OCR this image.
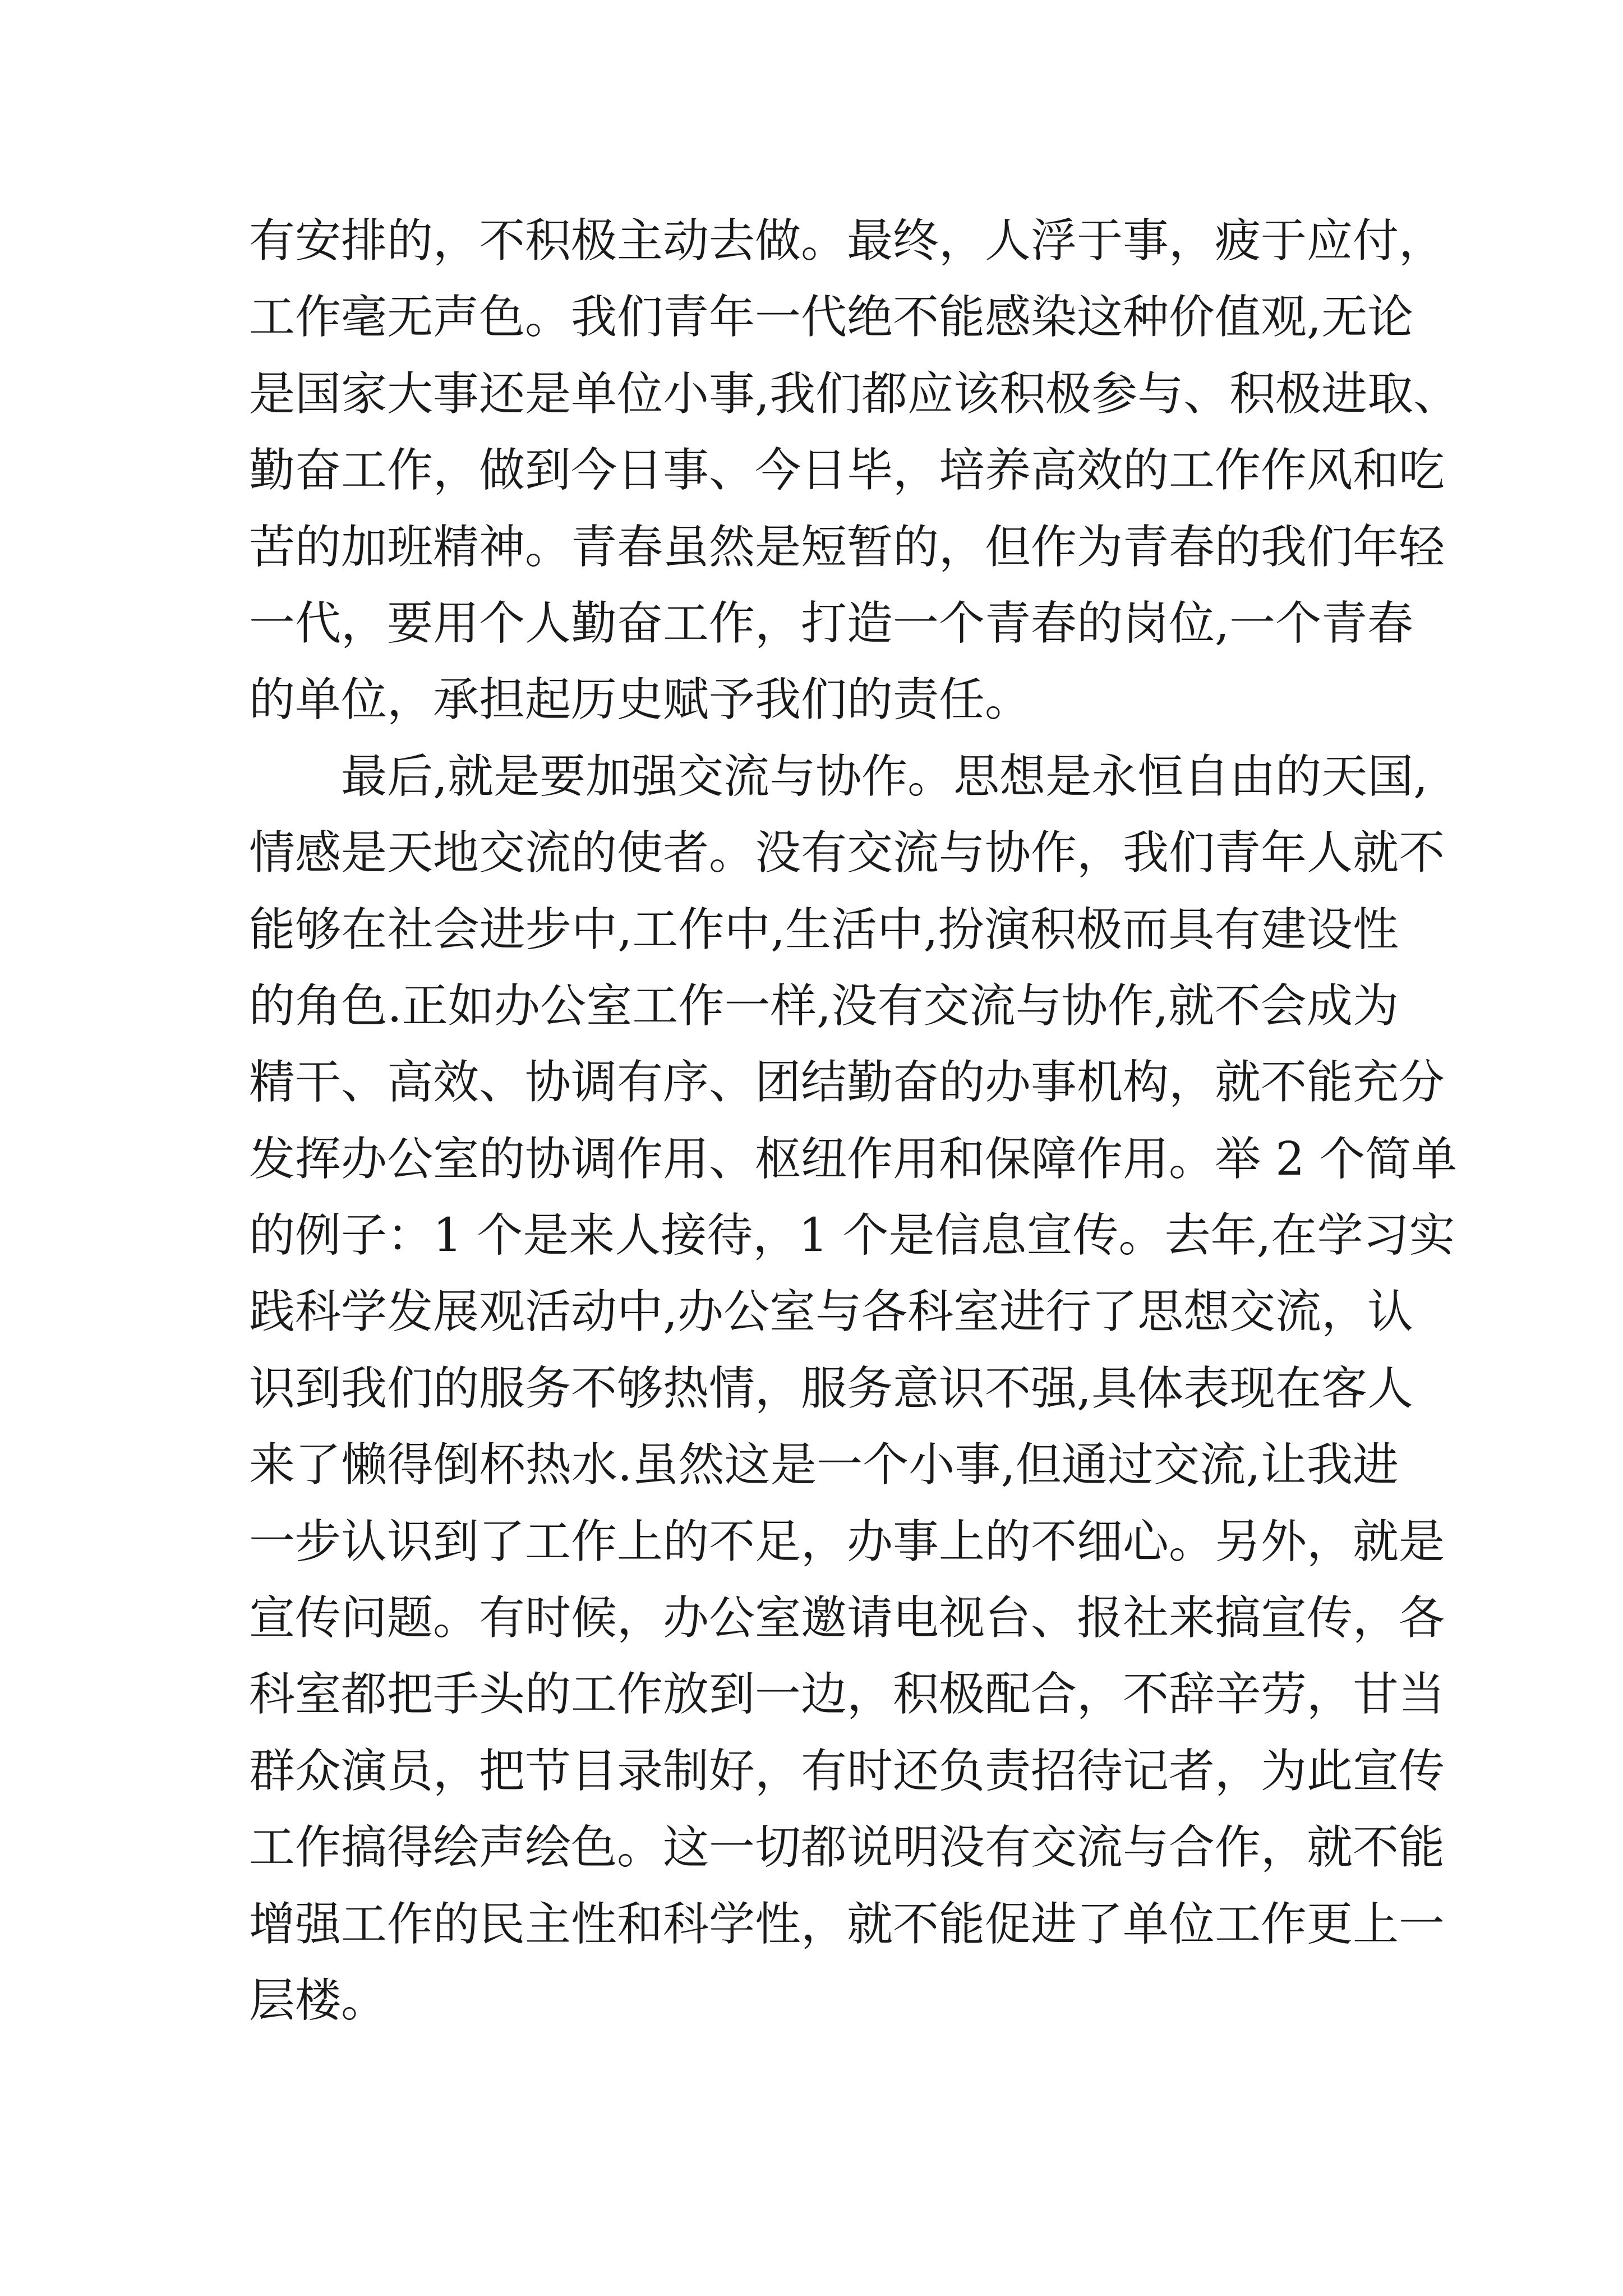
有安排的，不积极主动去做。最终，人浮于事，疲于应付，
工作毫无声色。我们青年一代绝不能感染这种价值观,无论
是国家大事还是单位小事,我们都应该积极参与、积极进取、
勤奋工作，做到今日事、今日毕，培养高效的工作作风和吃
苦的加班精神。青春虽然是短暂的，但作为青春的我们年轻
一代，要用个人勤奋工作，打造一个青春的岗位,一个青春
的单位，承担起历史赋予我们的责任。
最后,就是要加强交流与协作。思想是永恒自由的天国,
情感是天地交流的使者。没有交流与协作，我们青年人就不
能够在社会进步中,工作中,生活中,扮演积极而具有建设性
的角色.正如办公室工作一样,没有交流与协作,就不会成为
精干、高效、协调有序、团结勤奋的办事机构，就不能充分
发挥办公室的协调作用、枢纽作用和保障作用。举 2 个简单
的例子：1 个是来人接待，1 个是信息宣传。去年,在学习实
践科学发展观活动中,办公室与各科室进行了思想交流，认
识到我们的服务不够热情，服务意识不强,具体表现在客人
来了懒得倒杯热水.虽然这是一个小事,但通过交流,让我进
一步认识到了工作上的不足，办事上的不细心。另外，就是
宣传问题。有时候，办公室邀请电视台、报社来搞宣传，各
科室都把手头的工作放到一边，积极配合，不辞辛劳，甘当
群众演员，把节目录制好，有时还负责招待记者，为此宣传
工作搞得绘声绘色。这一切都说明没有交流与合作，就不能
增强工作的民主性和科学性，就不能促进了单位工作更上一
层楼。
